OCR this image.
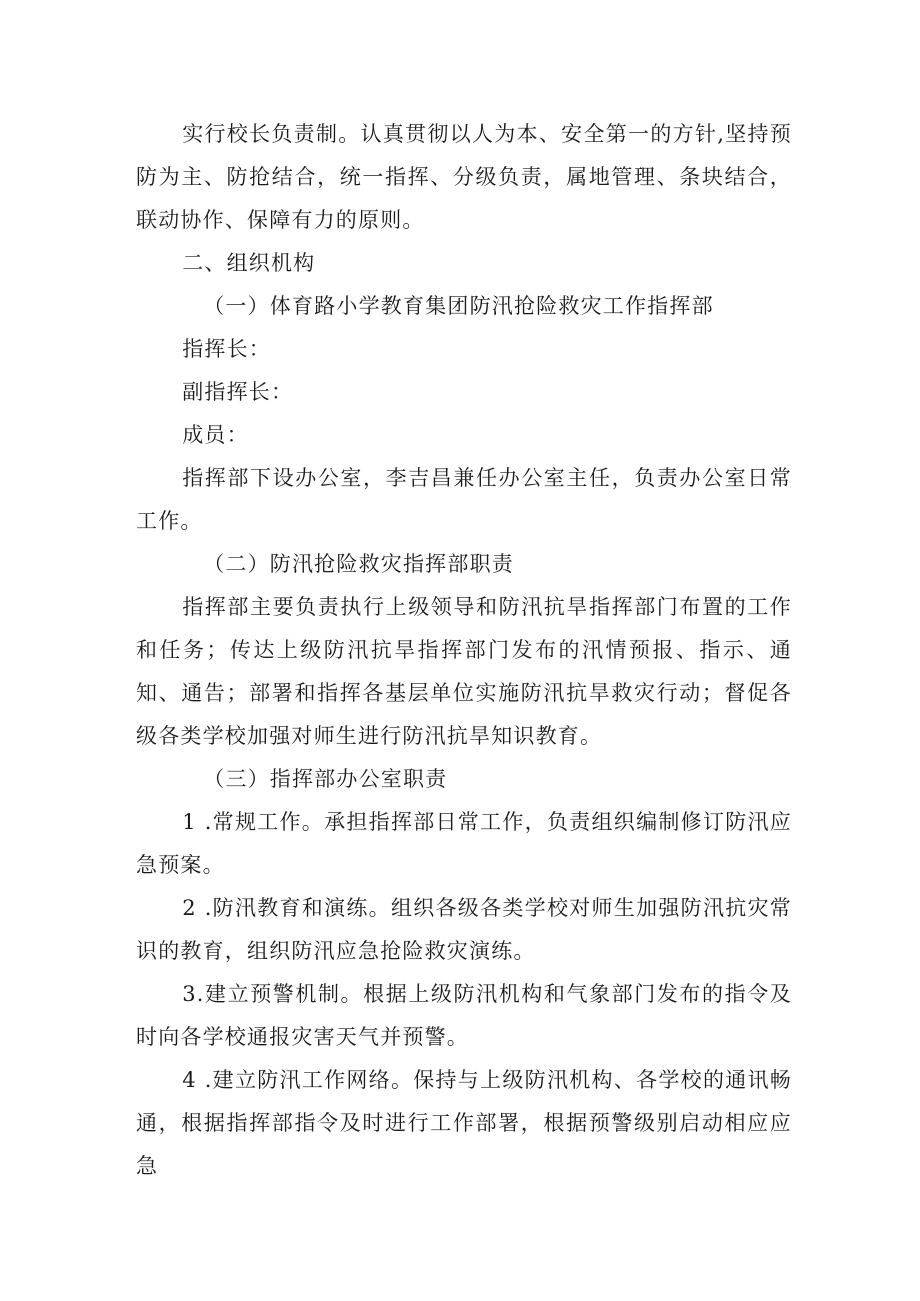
实行校长负责制。认真贯彻以人为本、安全第一的方针,坚持预防为主、防抢结合，统一指挥、分级负责，属地管理、条块结合，联动协作、保障有力的原则。

二、组织机构

（一）体育路小学教育集团防汛抢险救灾工作指挥部

指挥长：

副指挥长：

成员：

指挥部下设办公室，李吉昌兼任办公室主任，负责办公室日常工作。

（二）防汛抢险救灾指挥部职责

指挥部主要负责执行上级领导和防汛抗旱指挥部门布置的工作和任务；传达上级防汛抗旱指挥部门发布的汛情预报、指示、通知、通告；部署和指挥各基层单位实施防汛抗旱救灾行动；督促各级各类学校加强对师生进行防汛抗旱知识教育。

（三）指挥部办公室职责

1 .常规工作。承担指挥部日常工作，负责组织编制修订防汛应急预案。

2 .防汛教育和演练。组织各级各类学校对师生加强防汛抗灾常识的教育，组织防汛应急抢险救灾演练。

3.建立预警机制。根据上级防汛机构和气象部门发布的指令及时向各学校通报灾害天气并预警。

4 .建立防汛工作网络。保持与上级防汛机构、各学校的通讯畅通，根据指挥部指令及时进行工作部署，根据预警级别启动相应应急
